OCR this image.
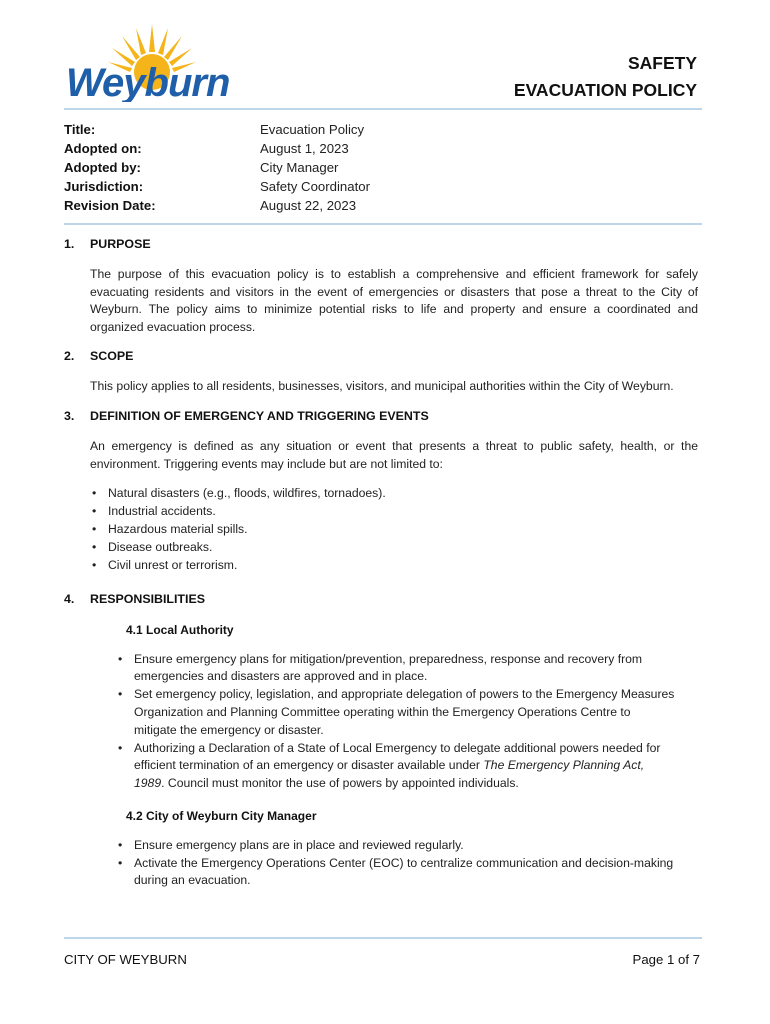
Weyburn	SAFETY
EVACUATION POLICY
Title:	Evacuation Policy
Adopted on:	August 1, 2023
Adopted by:	City Manager
Jurisdiction:	Safety Coordinator
Revision Date:	August 22, 2023
1.	PURPOSE
The purpose of this evacuation policy is to establish a comprehensive and efficient framework for safely evacuating residents and visitors in the event of emergencies or disasters that pose a threat to the City of Weyburn. The policy aims to minimize potential risks to life and property and ensure a coordinated and organized evacuation process.
2.	SCOPE
This policy applies to all residents, businesses, visitors, and municipal authorities within the City of Weyburn.
3.	DEFINITION OF EMERGENCY AND TRIGGERING EVENTS
An emergency is defined as any situation or event that presents a threat to public safety, health, or the environment. Triggering events may include but are not limited to:
• Natural disasters (e.g., floods, wildfires, tornadoes).
• Industrial accidents.
• Hazardous material spills.
• Disease outbreaks.
• Civil unrest or terrorism.
4.	RESPONSIBILITIES
4.1 Local Authority
• Ensure emergency plans for mitigation/prevention, preparedness, response and recovery from emergencies and disasters are approved and in place.
• Set emergency policy, legislation, and appropriate delegation of powers to the Emergency Measures Organization and Planning Committee operating within the Emergency Operations Centre to mitigate the emergency or disaster.
• Authorizing a Declaration of a State of Local Emergency to delegate additional powers needed for efficient termination of an emergency or disaster available under The Emergency Planning Act, 1989. Council must monitor the use of powers by appointed individuals.
4.2 City of Weyburn City Manager
• Ensure emergency plans are in place and reviewed regularly.
• Activate the Emergency Operations Center (EOC) to centralize communication and decision-making during an evacuation.
CITY OF WEYBURN	Page 1 of 7
